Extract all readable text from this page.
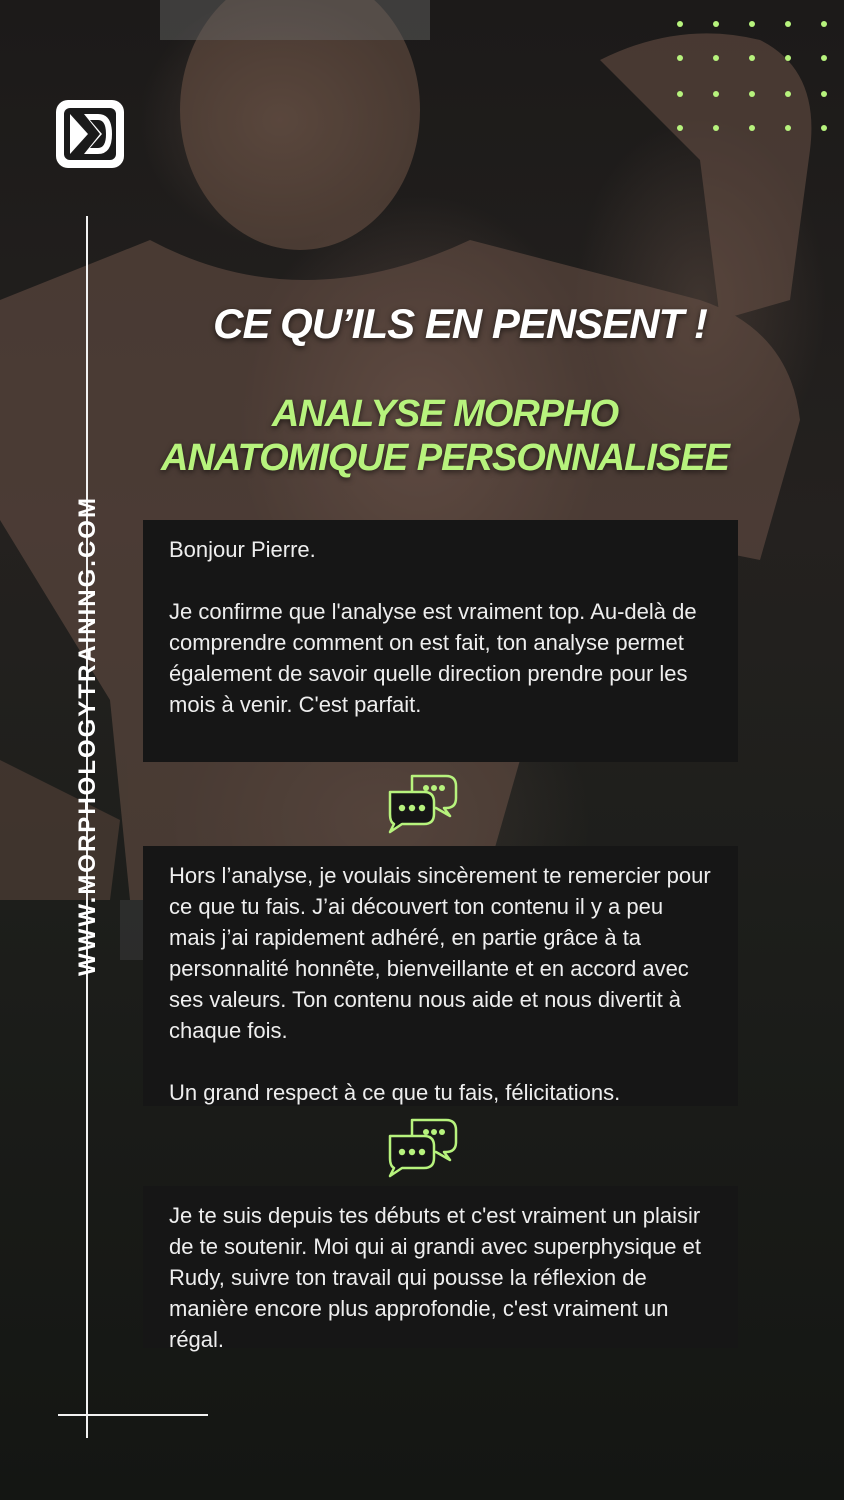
WWW.MORPHOLOGYTRAINING.COM
CE QU’ILS EN PENSENT !
ANALYSE MORPHO
ANATOMIQUE PERSONNALISEE

Bonjour Pierre.

Je confirme que l'analyse est vraiment top. Au-delà de comprendre comment on est fait, ton analyse permet également de savoir quelle direction prendre pour les mois à venir. C'est parfait.

Hors l’analyse, je voulais sincèrement te remercier pour ce que tu fais. J’ai découvert ton contenu il y a peu mais j’ai rapidement adhéré, en partie grâce à ta personnalité honnête, bienveillante et en accord avec ses valeurs. Ton contenu nous aide et nous divertit à chaque fois.

Un grand respect à ce que tu fais, félicitations.

Je te suis depuis tes débuts et c'est vraiment un plaisir de te soutenir. Moi qui ai grandi avec superphysique et Rudy, suivre ton travail qui pousse la réflexion de manière encore plus approfondie, c'est vraiment un régal.
